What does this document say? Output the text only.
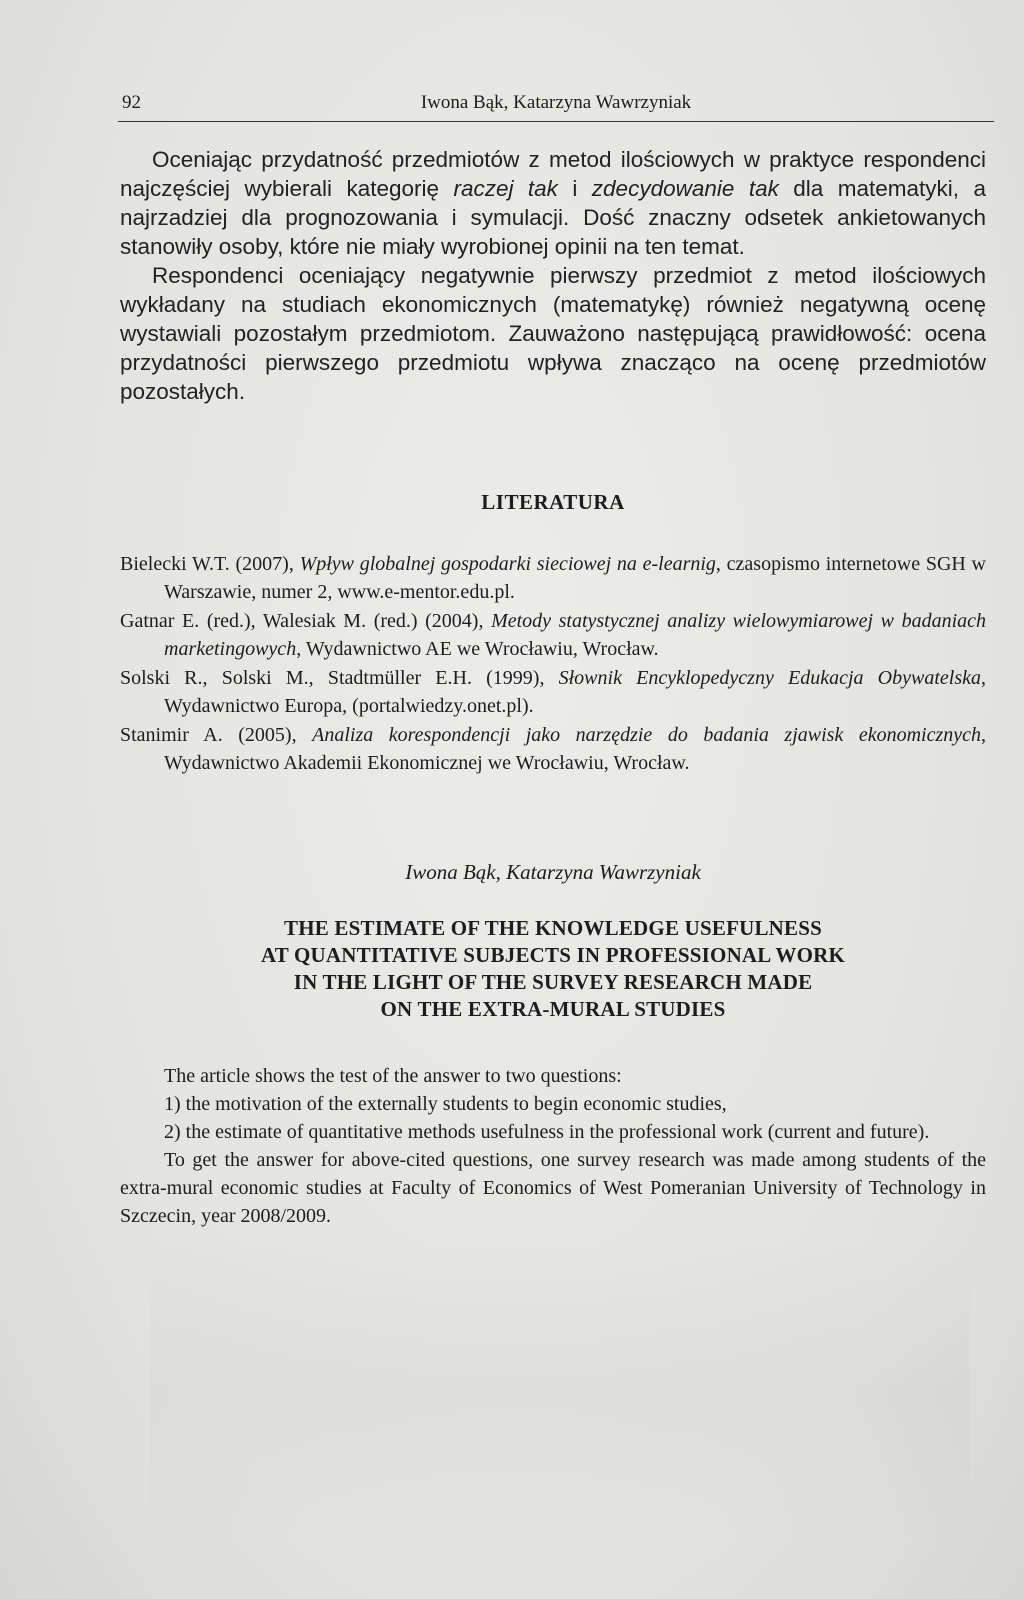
92	Iwona Bąk, Katarzyna Wawrzyniak

Oceniając przydatność przedmiotów z metod ilościowych w praktyce respondenci najczęściej wybierali kategorię raczej tak i zdecydowanie tak dla matematyki, a najrzadziej dla prognozowania i symulacji. Dość znaczny odsetek ankietowanych stanowiły osoby, które nie miały wyrobionej opinii na ten temat.

Respondenci oceniający negatywnie pierwszy przedmiot z metod ilościowych wykładany na studiach ekonomicznych (matematykę) również negatywną ocenę wystawiali pozostałym przedmiotom. Zauważono następującą prawidłowość: ocena przydatności pierwszego przedmiotu wpływa znacząco na ocenę przedmiotów pozostałych.

LITERATURA

Bielecki W.T. (2007), Wpływ globalnej gospodarki sieciowej na e-learnig, czasopismo internetowe SGH w Warszawie, numer 2, www.e-mentor.edu.pl.

Gatnar E. (red.), Walesiak M. (red.) (2004), Metody statystycznej analizy wielowymiarowej w badaniach marketingowych, Wydawnictwo AE we Wrocławiu, Wrocław.

Solski R., Solski M., Stadtmüller E.H. (1999), Słownik Encyklopedyczny Edukacja Obywatelska, Wydawnictwo Europa, (portalwiedzy.onet.pl).

Stanimir A. (2005), Analiza korespondencji jako narzędzie do badania zjawisk ekonomicznych, Wydawnictwo Akademii Ekonomicznej we Wrocławiu, Wrocław.

Iwona Bąk, Katarzyna Wawrzyniak
THE ESTIMATE OF THE KNOWLEDGE USEFULNESS
AT QUANTITATIVE SUBJECTS IN PROFESSIONAL WORK
IN THE LIGHT OF THE SURVEY RESEARCH MADE
ON THE EXTRA-MURAL STUDIES

The article shows the test of the answer to two questions:

1) the motivation of the externally students to begin economic studies,

2) the estimate of quantitative methods usefulness in the professional work (current and future).

To get the answer for above-cited questions, one survey research was made among students of the extra-mural economic studies at Faculty of Economics of West Pomeranian University of Technology in Szczecin, year 2008/2009.
